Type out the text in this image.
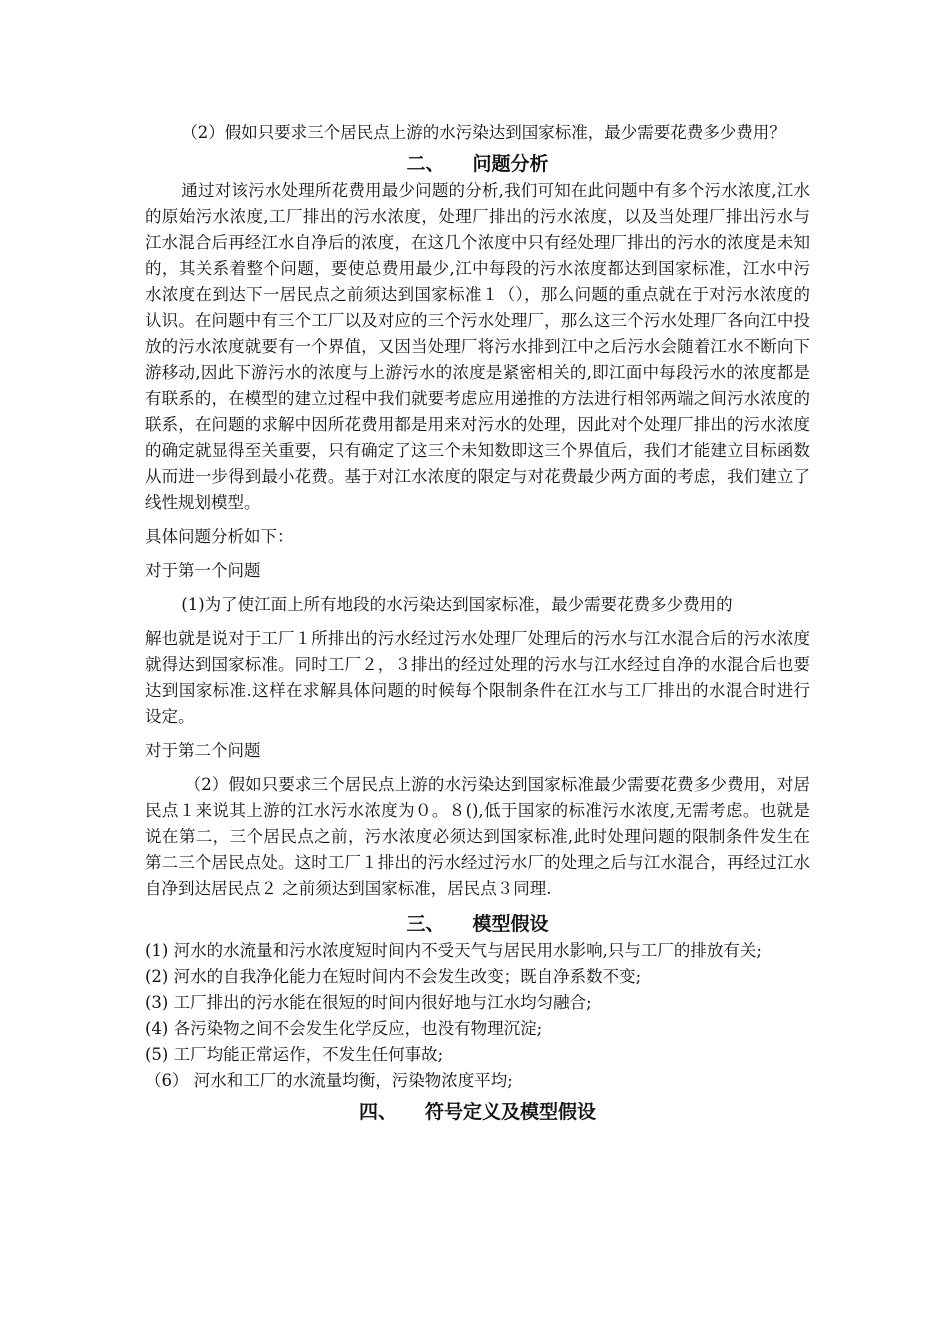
（2）假如只要求三个居民点上游的水污染达到国家标准，最少需要花费多少费用？

二、 问题分析

通过对该污水处理所花费用最少问题的分析,我们可知在此问题中有多个污水浓度,江水的原始污水浓度,工厂排出的污水浓度，处理厂排出的污水浓度，以及当处理厂排出污水与江水混合后再经江水自净后的浓度，在这几个浓度中只有经处理厂排出的污水的浓度是未知的，其关系着整个问题，要使总费用最少,江中每段的污水浓度都达到国家标准，江水中污水浓度在到达下一居民点之前须达到国家标准１（），那么问题的重点就在于对污水浓度的认识。在问题中有三个工厂以及对应的三个污水处理厂，那么这三个污水处理厂各向江中投放的污水浓度就要有一个界值，又因当处理厂将污水排到江中之后污水会随着江水不断向下游移动,因此下游污水的浓度与上游污水的浓度是紧密相关的,即江面中每段污水的浓度都是有联系的，在模型的建立过程中我们就要考虑应用递推的方法进行相邻两端之间污水浓度的联系，在问题的求解中因所花费用都是用来对污水的处理，因此对个处理厂排出的污水浓度的确定就显得至关重要，只有确定了这三个未知数即这三个界值后，我们才能建立目标函数从而进一步得到最小花费。基于对江水浓度的限定与对花费最少两方面的考虑，我们建立了线性规划模型。

具体问题分析如下：

对于第一个问题

(1)为了使江面上所有地段的水污染达到国家标准，最少需要花费多少费用的

解也就是说对于工厂１所排出的污水经过污水处理厂处理后的污水与江水混合后的污水浓度就得达到国家标准。同时工厂２，３排出的经过处理的污水与江水经过自净的水混合后也要达到国家标准.这样在求解具体问题的时候每个限制条件在江水与工厂排出的水混合时进行设定。

对于第二个问题

（2）假如只要求三个居民点上游的水污染达到国家标准最少需要花费多少费用，对居民点１来说其上游的江水污水浓度为０。８(),低于国家的标准污水浓度,无需考虑。也就是说在第二，三个居民点之前，污水浓度必须达到国家标准,此时处理问题的限制条件发生在第二三个居民点处。这时工厂１排出的污水经过污水厂的处理之后与江水混合，再经过江水自净到达居民点２ 之前须达到国家标准，居民点３同理.

三、 模型假设

(1) 河水的水流量和污水浓度短时间内不受天气与居民用水影响,只与工厂的排放有关;

(2) 河水的自我净化能力在短时间内不会发生改变；既自净系数不变;

(3) 工厂排出的污水能在很短的时间内很好地与江水均匀融合;

(4) 各污染物之间不会发生化学反应，也没有物理沉淀;

(5) 工厂均能正常运作，不发生任何事故;

（6） 河水和工厂的水流量均衡，污染物浓度平均;

四、 符号定义及模型假设
